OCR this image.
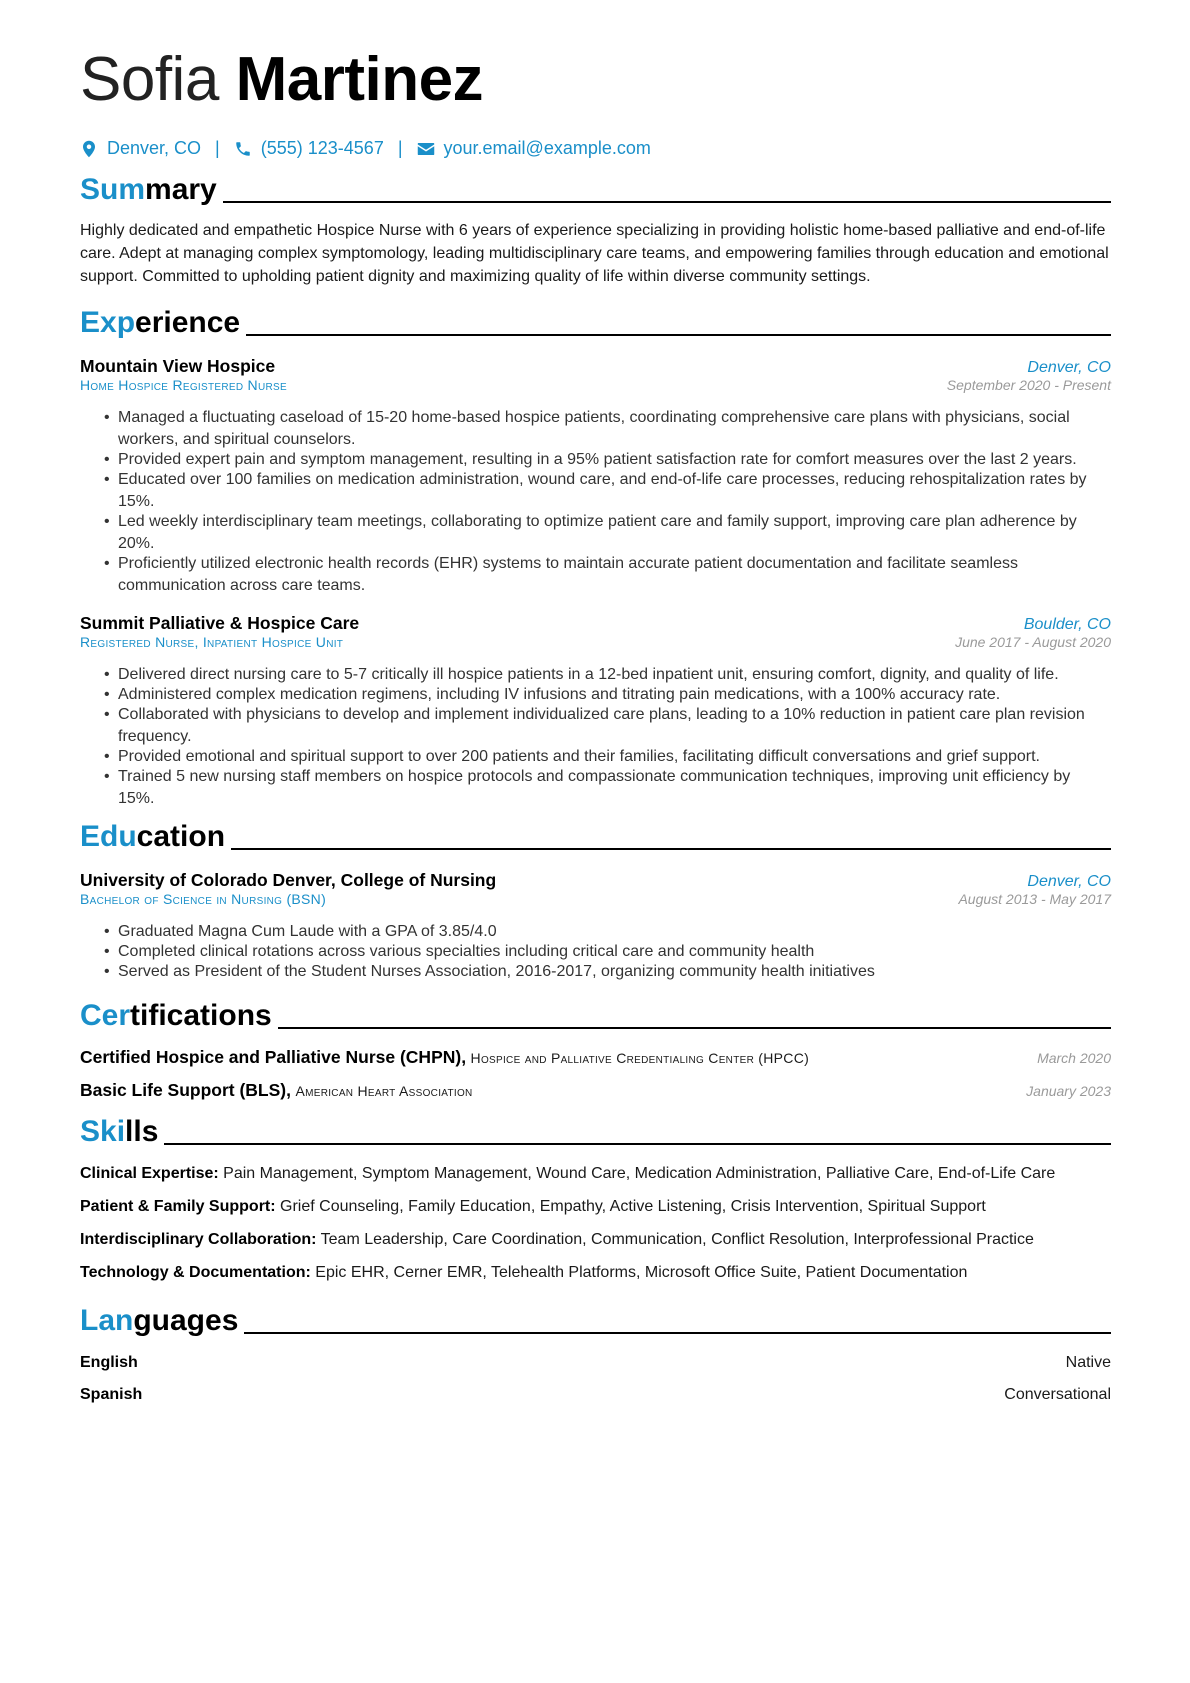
Sofia Martinez
Denver, CO | (555) 123-4567 | your.email@example.com
Summary

Highly dedicated and empathetic Hospice Nurse with 6 years of experience specializing in providing holistic home-based palliative and end-of-life care. Adept at managing complex symptomology, leading multidisciplinary care teams, and empowering families through education and emotional support. Committed to upholding patient dignity and maximizing quality of life within diverse community settings.

Experience
Mountain View Hospice	Denver, CO
Home Hospice Registered Nurse	September 2020 - Present
• Managed a fluctuating caseload of 15-20 home-based hospice patients, coordinating comprehensive care plans with physicians, social workers, and spiritual counselors.
• Provided expert pain and symptom management, resulting in a 95% patient satisfaction rate for comfort measures over the last 2 years.
• Educated over 100 families on medication administration, wound care, and end-of-life care processes, reducing rehospitalization rates by 15%.
• Led weekly interdisciplinary team meetings, collaborating to optimize patient care and family support, improving care plan adherence by 20%.
• Proficiently utilized electronic health records (EHR) systems to maintain accurate patient documentation and facilitate seamless communication across care teams.
Summit Palliative & Hospice Care	Boulder, CO
Registered Nurse, Inpatient Hospice Unit	June 2017 - August 2020
• Delivered direct nursing care to 5-7 critically ill hospice patients in a 12-bed inpatient unit, ensuring comfort, dignity, and quality of life.
• Administered complex medication regimens, including IV infusions and titrating pain medications, with a 100% accuracy rate.
• Collaborated with physicians to develop and implement individualized care plans, leading to a 10% reduction in patient care plan revision frequency.
• Provided emotional and spiritual support to over 200 patients and their families, facilitating difficult conversations and grief support.
• Trained 5 new nursing staff members on hospice protocols and compassionate communication techniques, improving unit efficiency by 15%.
Education
University of Colorado Denver, College of Nursing	Denver, CO
Bachelor of Science in Nursing (BSN)	August 2013 - May 2017
• Graduated Magna Cum Laude with a GPA of 3.85/4.0
• Completed clinical rotations across various specialties including critical care and community health
• Served as President of the Student Nurses Association, 2016-2017, organizing community health initiatives
Certifications
Certified Hospice and Palliative Nurse (CHPN), Hospice and Palliative Credentialing Center (HPCC)	March 2020
Basic Life Support (BLS), American Heart Association	January 2023
Skills
Clinical Expertise: Pain Management, Symptom Management, Wound Care, Medication Administration, Palliative Care, End-of-Life Care
Patient & Family Support: Grief Counseling, Family Education, Empathy, Active Listening, Crisis Intervention, Spiritual Support
Interdisciplinary Collaboration: Team Leadership, Care Coordination, Communication, Conflict Resolution, Interprofessional Practice
Technology & Documentation: Epic EHR, Cerner EMR, Telehealth Platforms, Microsoft Office Suite, Patient Documentation
Languages
English	Native
Spanish	Conversational
